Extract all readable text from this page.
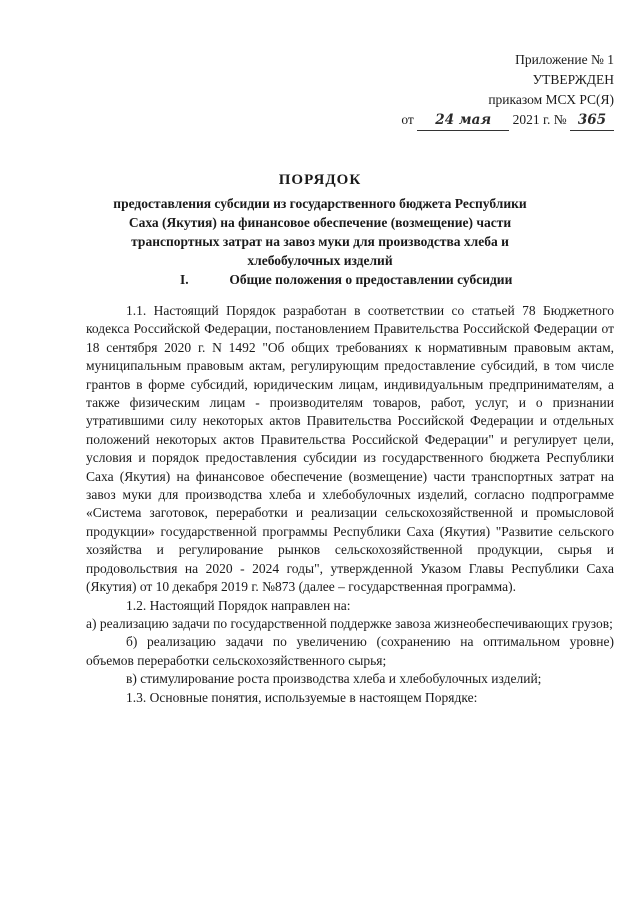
Приложение № 1
УТВЕРЖДЕН
приказом МСХ РС(Я)
от 24 мая 2021 г. № 365
ПОРЯДОК
предоставления субсидии из государственного бюджета Республики Саха (Якутия) на финансовое обеспечение (возмещение) части транспортных затрат на завоз муки для производства хлеба и хлебобулочных изделий
I.	Общие положения о предоставлении субсидии

1.1. Настоящий Порядок разработан в соответствии со статьей 78 Бюджетного кодекса Российской Федерации, постановлением Правительства Российской Федерации от 18 сентября 2020 г. N 1492 "Об общих требованиях к нормативным правовым актам, муниципальным правовым актам, регулирующим предоставление субсидий, в том числе грантов в форме субсидий, юридическим лицам, индивидуальным предпринимателям, а также физическим лицам - производителям товаров, работ, услуг, и о признании утратившими силу некоторых актов Правительства Российской Федерации и отдельных положений некоторых актов Правительства Российской Федерации" и регулирует цели, условия и порядок предоставления субсидии из государственного бюджета Республики Саха (Якутия) на финансовое обеспечение (возмещение) части транспортных затрат на завоз муки для производства хлеба и хлебобулочных изделий, согласно подпрограмме «Система заготовок, переработки и реализации сельскохозяйственной и промысловой продукции» государственной программы Республики Саха (Якутия) "Развитие сельского хозяйства и регулирование рынков сельскохозяйственной продукции, сырья и продовольствия на 2020 - 2024 годы", утвержденной Указом Главы Республики Саха (Якутия) от 10 декабря 2019 г. №873 (далее – государственная программа).

1.2. Настоящий Порядок направлен на:

а) реализацию задачи по государственной поддержке завоза жизнеобеспечивающих грузов;

б) реализацию задачи по увеличению (сохранению на оптимальном уровне) объемов переработки сельскохозяйственного сырья;

в) стимулирование роста производства хлеба и хлебобулочных изделий;

1.3. Основные понятия, используемые в настоящем Порядке:
